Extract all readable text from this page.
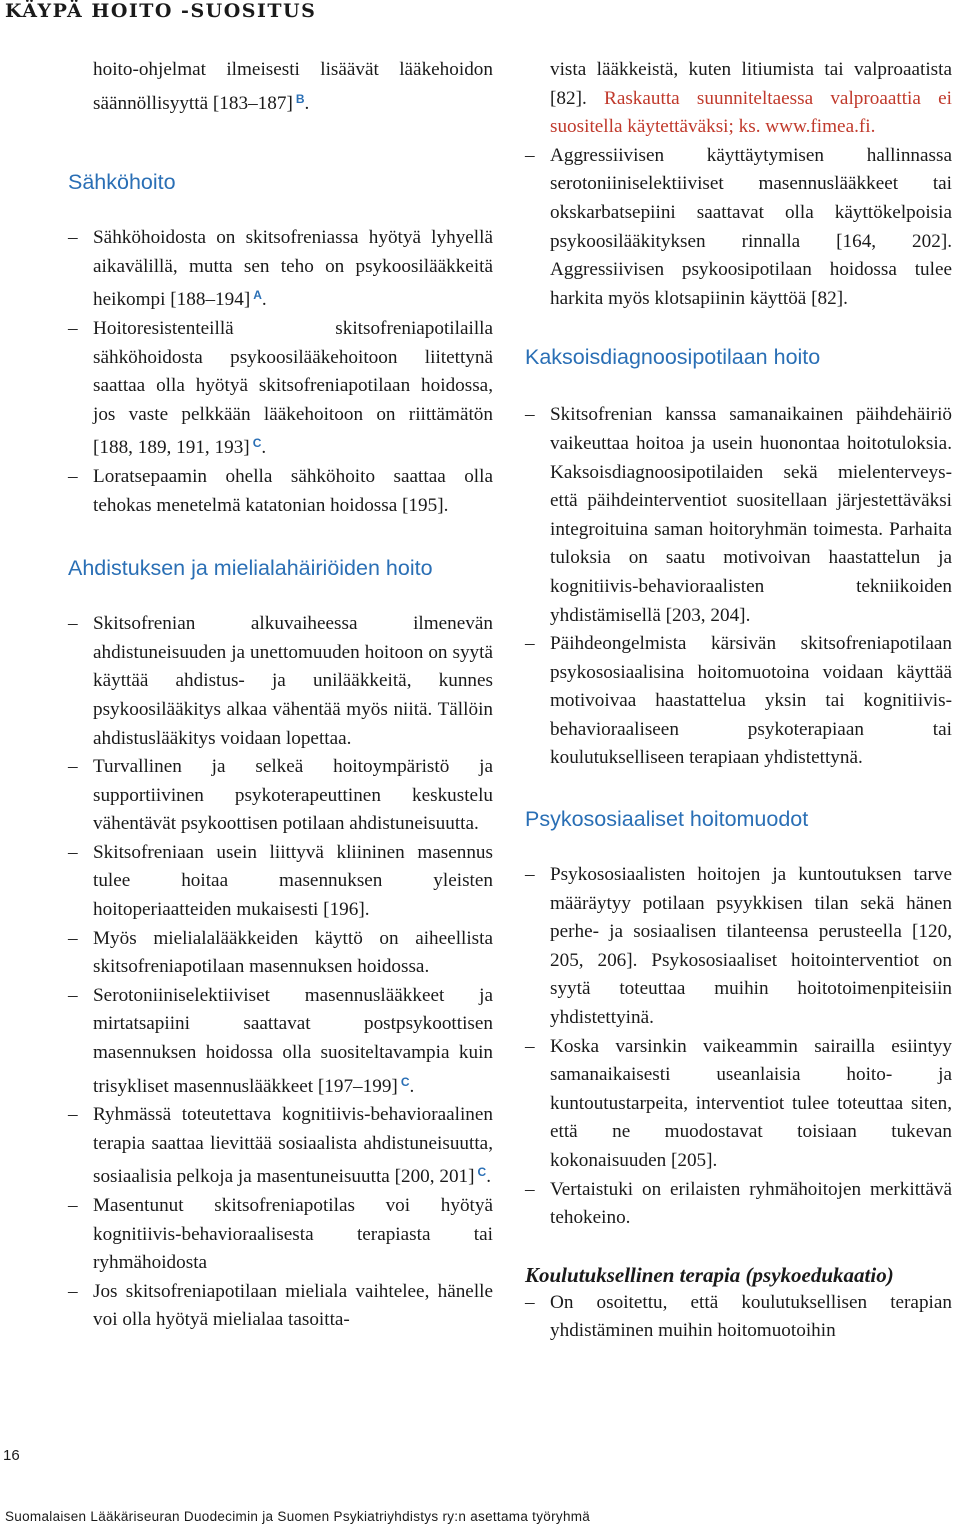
KÄYPÄ HOITO -SUOSITUS

hoito-ohjelmat ilmeisesti lisäävät lääkehoidon säännöllisyyttä [183–187] $^B$.

Sähköhoito
– Sähköhoidosta on skitsofreniassa hyötyä lyhyellä aikavälillä, mutta sen teho on psykoosilääkkeitä heikompi [188–194] $^A$.
– Hoitoresistenteillä skitsofreniapotilailla sähköhoidosta psykoosilääkehoitoon liitettynä saattaa olla hyötyä skitsofreniapotilaan hoidossa, jos vaste pelkkään lääkehoitoon on riittämätön [188, 189, 191, 193] $^C$.
– Loratsepaamin ohella sähköhoito saattaa olla tehokas menetelmä katatonian hoidossa [195].
Ahdistuksen ja mielialahäiriöiden hoito
– Skitsofrenian alkuvaiheessa ilmenevän ahdistuneisuuden ja unettomuuden hoitoon on syytä käyttää ahdistus- ja unilääkkeitä, kunnes psykoosilääkitys alkaa vähentää myös niitä. Tällöin ahdistuslääkitys voidaan lopettaa.
– Turvallinen ja selkeä hoitoympäristö ja supportiivinen psykoterapeuttinen keskustelu vähentävät psykoottisen potilaan ahdistuneisuutta.
– Skitsofreniaan usein liittyvä kliininen masennus tulee hoitaa masennuksen yleisten hoitoperiaatteiden mukaisesti [196].
– Myös mielialalääkkeiden käyttö on aiheellista skitsofreniapotilaan masennuksen hoidossa.
– Serotoniiniselektiiviset masennuslääkkeet ja mirtatsapiini saattavat postpsykoottisen masennuksen hoidossa olla suositeltavampia kuin trisykliset masennuslääkkeet [197–199] $^C$.
– Ryhmässä toteutettava kognitiivis-behavioraalinen terapia saattaa lievittää sosiaalista ahdistuneisuutta, sosiaalisia pelkoja ja masentuneisuutta [200, 201] $^C$.
– Masentunut skitsofreniapotilas voi hyötyä kognitiivis-behavioraalisesta terapiasta tai ryhmähoidosta
– Jos skitsofreniapotilaan mieliala vaihtelee, hänelle voi olla hyötyä mielialaa tasoitta-

vista lääkkeistä, kuten litiumista tai valproaatista [82]. Raskautta suunniteltaessa valproaattia ei suositella käytettäväksi; ks. www.fimea.fi.

– Aggressiivisen käyttäytymisen hallinnassa serotoniiniselektiiviset masennuslääkkeet tai okskarbatsepiini saattavat olla käyttökelpoisia psykoosilääkityksen rinnalla [164, 202]. Aggressiivisen psykoosipotilaan hoidossa tulee harkita myös klotsapiinin käyttöä [82].
Kaksoisdiagnoosipotilaan hoito
– Skitsofrenian kanssa samanaikainen päihdehäiriö vaikeuttaa hoitoa ja usein huonontaa hoitotuloksia. Kaksoisdiagnoosipotilaiden sekä mielenterveys- että päihdeinterventiot suositellaan järjestettäväksi integroituina saman hoitoryhmän toimesta. Parhaita tuloksia on saatu motivoivan haastattelun ja kognitiivis-behavioraalisten tekniikoiden yhdistämisellä [203, 204].
– Päihdeongelmista kärsivän skitsofreniapotilaan psykososiaalisina hoitomuotoina voidaan käyttää motivoivaa haastattelua yksin tai kognitiivis-behavioraaliseen psykoterapiaan tai koulutukselliseen terapiaan yhdistettynä.
Psykososiaaliset hoitomuodot
– Psykososiaalisten hoitojen ja kuntoutuksen tarve määräytyy potilaan psyykkisen tilan sekä hänen perhe- ja sosiaalisen tilanteensa perusteella [120, 205, 206]. Psykososiaaliset hoitointerventiot on syytä toteuttaa muihin hoitotoimenpiteisiin yhdistettyinä.
– Koska varsinkin vaikeammin sairailla esiintyy samanaikaisesti useanlaisia hoito- ja kuntoutustarpeita, interventiot tulee toteuttaa siten, että ne muodostavat toisiaan tukevan kokonaisuuden [205].
– Vertaistuki on erilaisten ryhmähoitojen merkittävä tehokeino.
Koulutuksellinen terapia (psykoedukaatio)
– On osoitettu, että koulutuksellisen terapian yhdistäminen muihin hoitomuotoihin
16
Suomalaisen Lääkäriseuran Duodecimin ja Suomen Psykiatriyhdistys ry:n asettama työryhmä
